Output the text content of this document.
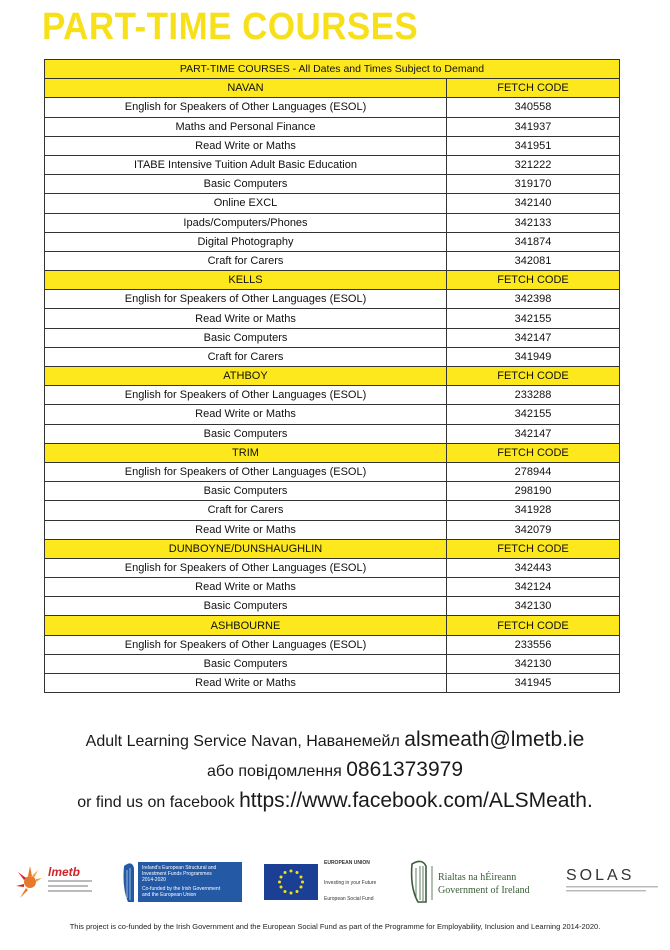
PART-TIME COURSES
PART-TIME COURSES - All Dates and Times Subject to Demand	
NAVAN	FETCH CODE
English for Speakers of Other Languages (ESOL)	340558
Maths and Personal Finance	341937
Read Write or Maths	341951
ITABE Intensive Tuition Adult Basic Education	321222
Basic Computers	319170
Online EXCL	342140
Ipads/Computers/Phones	342133
Digital Photography	341874
Craft for Carers	342081
KELLS	FETCH CODE
English for Speakers of Other Languages (ESOL)	342398
Read Write or Maths	342155
Basic Computers	342147
Craft for Carers	341949
ATHBOY	FETCH CODE
English for Speakers of Other Languages (ESOL)	233288
Read Write or Maths	342155
Basic Computers	342147
TRIM	FETCH CODE
English for Speakers of Other Languages (ESOL)	278944
Basic Computers	298190
Craft for Carers	341928
Read Write or Maths	342079
DUNBOYNE/DUNSHAUGHLIN	FETCH CODE
English for Speakers of Other Languages (ESOL)	342443
Read Write or Maths	342124
Basic Computers	342130
ASHBOURNE	FETCH CODE
English for Speakers of Other Languages (ESOL)	233556
Basic Computers	342130
Read Write or Maths	341945
Adult Learning Service Navan, Наванемейл alsmeath@lmetb.ie
або повідомлення 0861373979
or find us on facebook https://www.facebook.com/ALSMeath.
lmetb	Ireland's European Structural and
Investment Funds Programmes
2014-2020
Co-funded by the Irish Government
and the European Union
EUROPEAN UNION
Investing in your Future
European Social Fund
Rialtas na hÉireann
Government of Ireland
SOLAS
This project is co-funded by the Irish Government and the European Social Fund as part of the Programme for Employability, Inclusion and Learning 2014-2020.
